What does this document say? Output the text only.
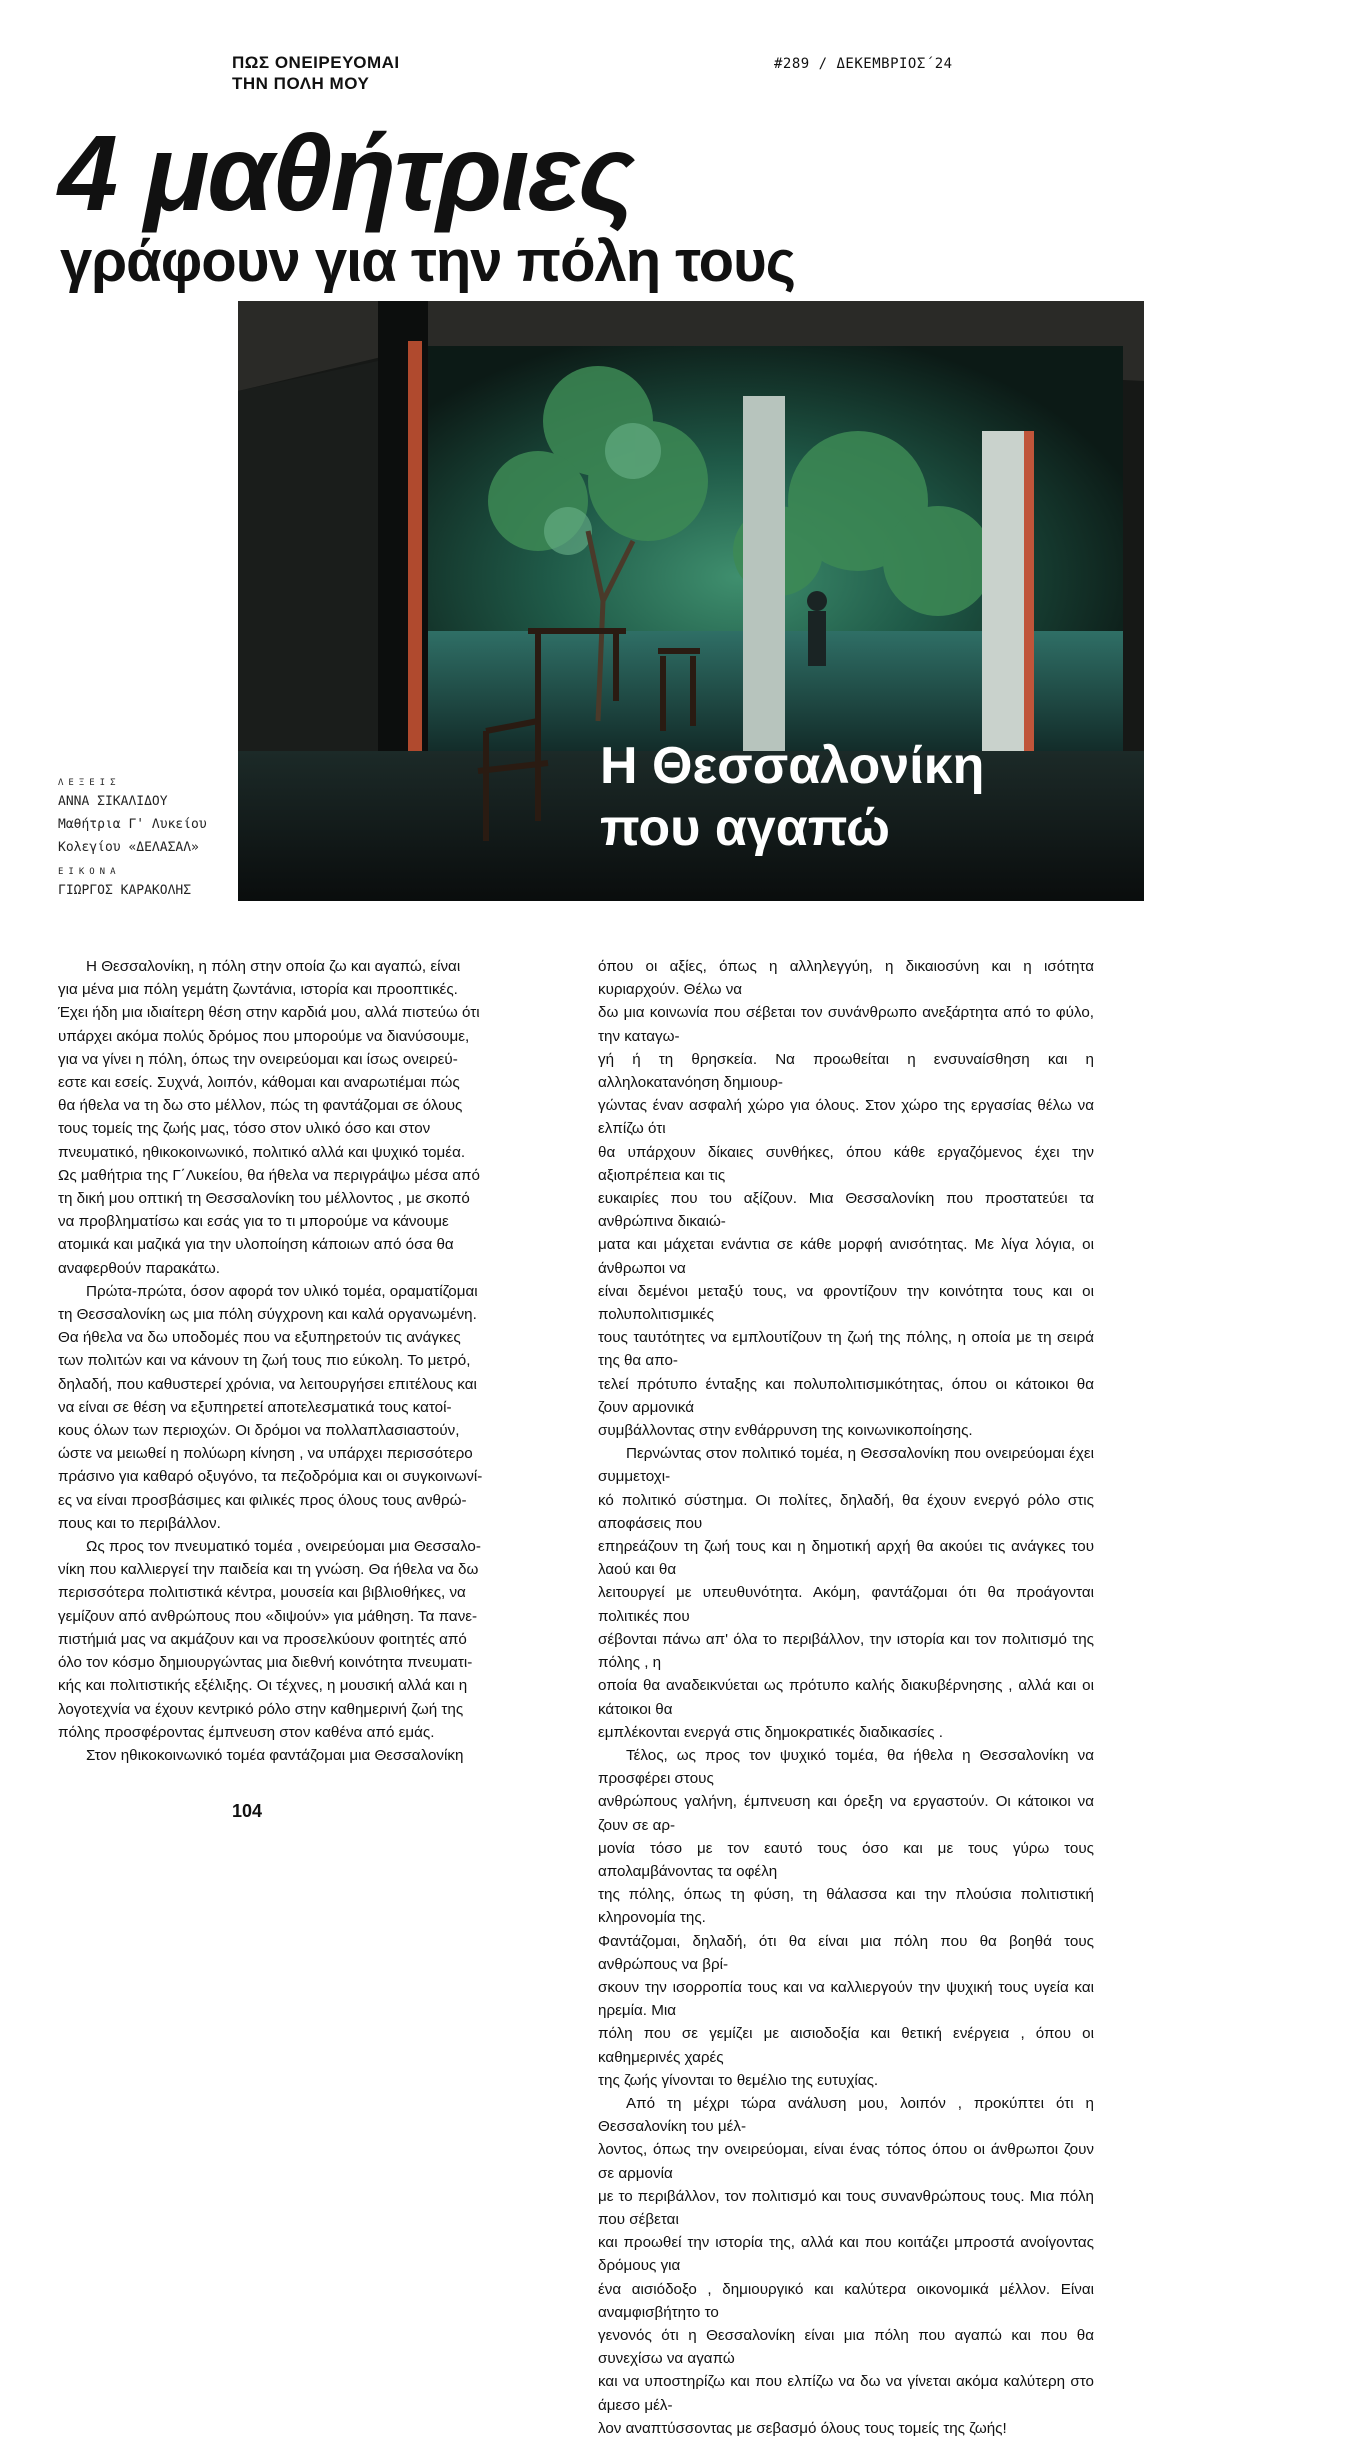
ΠΩΣ ΟΝΕΙΡΕΥΟΜΑΙ
ΤΗΝ ΠΟΛΗ ΜΟΥ
#289 / ΔΕΚΕΜΒΡΙΟΣ΄24
4 μαθήτριες
γράφουν για την πόλη τους
Η Θεσσαλονίκη
που αγαπώ
ΛΕΞΕΙΣ
ΑΝΝΑ ΣΙΚΑΛΙΔΟΥ
Μαθήτρια Γ' Λυκείου
Κολεγίου «ΔΕΛΑΣΑΛ»
ΕΙΚΟΝΑ
ΓΙΩΡΓΟΣ ΚΑΡΑΚΟΛΗΣ

Η Θεσσαλονίκη, η πόλη στην οποία ζω και αγαπώ, είναι
για μένα μια πόλη γεμάτη ζωντάνια, ιστορία και προοπτικές.
Έχει ήδη μια ιδιαίτερη θέση στην καρδιά μου, αλλά πιστεύω ότι
υπάρχει ακόμα πολύς δρόμος που μπορούμε να διανύσουμε,
για να γίνει η πόλη, όπως την ονειρεύομαι και ίσως ονειρεύ-
εστε και εσείς. Συχνά, λοιπόν, κάθομαι και αναρωτιέμαι πώς
θα ήθελα να τη δω στο μέλλον, πώς τη φαντάζομαι σε όλους
τους τομείς της ζωής μας, τόσο στον υλικό όσο και στον
πνευματικό, ηθικοκοινωνικό, πολιτικό αλλά και ψυχικό τομέα.
Ως μαθήτρια της Γ΄Λυκείου, θα ήθελα να περιγράψω μέσα από
τη δική μου οπτική τη Θεσσαλονίκη του μέλλοντος , με σκοπό
να προβληματίσω και εσάς για το τι μπορούμε να κάνουμε
ατομικά και μαζικά για την υλοποίηση κάποιων από όσα θα
αναφερθούν παρακάτω.

Πρώτα-πρώτα, όσον αφορά τον υλικό τομέα, οραματίζομαι
τη Θεσσαλονίκη ως μια πόλη σύγχρονη και καλά οργανωμένη.
Θα ήθελα να δω υποδομές που να εξυπηρετούν τις ανάγκες
των πολιτών και να κάνουν τη ζωή τους πιο εύκολη. Το μετρό,
δηλαδή, που καθυστερεί χρόνια, να λειτουργήσει επιτέλους και
να είναι σε θέση να εξυπηρετεί αποτελεσματικά τους κατοί-
κους όλων των περιοχών. Οι δρόμοι να πολλαπλασιαστούν,
ώστε να μειωθεί η πολύωρη κίνηση , να υπάρχει περισσότερο
πράσινο για καθαρό οξυγόνο, τα πεζοδρόμια και οι συγκοινωνί-
ες να είναι προσβάσιμες και φιλικές προς όλους τους ανθρώ-
πους και το περιβάλλον.

Ως προς τον πνευματικό τομέα , ονειρεύομαι μια Θεσσαλο-
νίκη που καλλιεργεί την παιδεία και τη γνώση. Θα ήθελα να δω
περισσότερα πολιτιστικά κέντρα, μουσεία και βιβλιοθήκες, να
γεμίζουν από ανθρώπους που «διψούν» για μάθηση. Τα πανε-
πιστήμιά μας να ακμάζουν και να προσελκύουν φοιτητές από
όλο τον κόσμο δημιουργώντας μια διεθνή κοινότητα πνευματι-
κής και πολιτιστικής εξέλιξης. Οι τέχνες, η μουσική αλλά και η
λογοτεχνία να έχουν κεντρικό ρόλο στην καθημερινή ζωή της
πόλης προσφέροντας έμπνευση στον καθένα από εμάς.

Στον ηθικοκοινωνικό τομέα φαντάζομαι μια Θεσσαλονίκη

όπου οι αξίες, όπως η αλληλεγγύη, η δικαιοσύνη και η ισότητα κυριαρχούν. Θέλω να
δω μια κοινωνία που σέβεται τον συνάνθρωπο ανεξάρτητα από το φύλο, την καταγω-
γή ή τη θρησκεία. Να προωθείται η ενσυναίσθηση και η αλληλοκατανόηση δημιουρ-
γώντας έναν ασφαλή χώρο για όλους. Στον χώρο της εργασίας θέλω να ελπίζω ότι
θα υπάρχουν δίκαιες συνθήκες, όπου κάθε εργαζόμενος έχει την αξιοπρέπεια και τις
ευκαιρίες που του αξίζουν. Μια Θεσσαλονίκη που προστατεύει τα ανθρώπινα δικαιώ-
ματα και μάχεται ενάντια σε κάθε μορφή ανισότητας. Με λίγα λόγια, οι άνθρωποι να
είναι δεμένοι μεταξύ τους, να φροντίζουν την κοινότητα τους και οι πολυπολιτισμικές
τους ταυτότητες να εμπλουτίζουν τη ζωή της πόλης, η οποία με τη σειρά της θα απο-
τελεί πρότυπο ένταξης και πολυπολιτισμικότητας, όπου οι κάτοικοι θα ζουν αρμονικά
συμβάλλοντας στην ενθάρρυνση της κοινωνικοποίησης.

Περνώντας στον πολιτικό τομέα, η Θεσσαλονίκη που ονειρεύομαι έχει συμμετοχι-
κό πολιτικό σύστημα. Οι πολίτες, δηλαδή, θα έχουν ενεργό ρόλο στις αποφάσεις που
επηρεάζουν τη ζωή τους και η δημοτική αρχή θα ακούει τις ανάγκες του λαού και θα
λειτουργεί με υπευθυνότητα. Ακόμη, φαντάζομαι ότι θα προάγονται πολιτικές που
σέβονται πάνω απ' όλα το περιβάλλον, την ιστορία και τον πολιτισμό της πόλης , η
οποία θα αναδεικνύεται ως πρότυπο καλής διακυβέρνησης , αλλά και οι κάτοικοι θα
εμπλέκονται ενεργά στις δημοκρατικές διαδικασίες .

Τέλος, ως προς τον ψυχικό τομέα, θα ήθελα η Θεσσαλονίκη να προσφέρει στους
ανθρώπους γαλήνη, έμπνευση και όρεξη να εργαστούν. Οι κάτοικοι να ζουν σε αρ-
μονία τόσο με τον εαυτό τους όσο και με τους γύρω τους απολαμβάνοντας τα οφέλη
της πόλης, όπως τη φύση, τη θάλασσα και την πλούσια πολιτιστική κληρονομία της.
Φαντάζομαι, δηλαδή, ότι θα είναι μια πόλη που θα βοηθά τους ανθρώπους να βρί-
σκουν την ισορροπία τους και να καλλιεργούν την ψυχική τους υγεία και ηρεμία. Μια
πόλη που σε γεμίζει με αισιοδοξία και θετική ενέργεια , όπου οι καθημερινές χαρές
της ζωής γίνονται το θεμέλιο της ευτυχίας.

Από τη μέχρι τώρα ανάλυση μου, λοιπόν , προκύπτει ότι η Θεσσαλονίκη του μέλ-
λοντος, όπως την ονειρεύομαι, είναι ένας τόπος όπου οι άνθρωποι ζουν σε αρμονία
με το περιβάλλον, τον πολιτισμό και τους συνανθρώπους τους. Μια πόλη που σέβεται
και προωθεί την ιστορία της, αλλά και που κοιτάζει μπροστά ανοίγοντας δρόμους για
ένα αισιόδοξο , δημιουργικό και καλύτερα οικονομικά μέλλον. Είναι αναμφισβήτητο το
γενονός ότι η Θεσσαλονίκη είναι μια πόλη που αγαπώ και που θα συνεχίσω να αγαπώ
και να υποστηρίζω και που ελπίζω να δω να γίνεται ακόμα καλύτερη στο άμεσο μέλ-
λον αναπτύσσοντας με σεβασμό όλους τους τομείς της ζωής!

104
